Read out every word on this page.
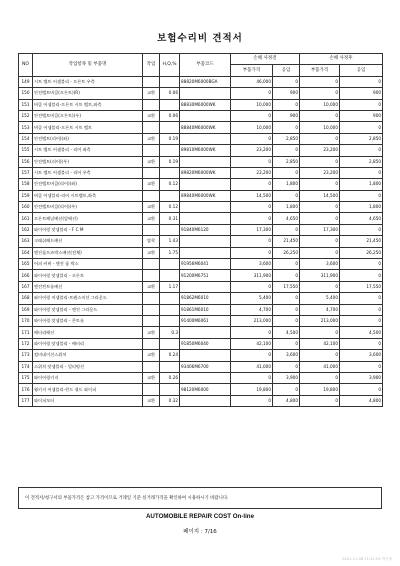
보험수리비 견적서
NO	작업항목 및 부품명	작업	H,Q,%	부품코드	손해 사정전		손해 사정후	
					부품가격	공임	부품가격	공임
149	시트 벨트 어셈블리 - 프론트 우측			88820M6000BGA	46,000	0	0	0
150	안전벨트버클(프론트)(R)	교환	0.06		0	900	0	900
151	버클 어셈블리-프론트 시트 벨트,좌측			88830M6000WK	10,000	0	10,000	0
152	안전벨트버클(프론트)(우)	교환	0.06		0	900	0	900
153	버클 어셈블리-프론트 시트 벨트			88840M6000WK	10,000	0	10,000	0
154	안전벨트(리어)(좌)	교환	0.19		0	2,850	0	2,850
155	시트 벨트 어셈블리 - 리어 좌측			89810M6000WK	23,200	0	23,200	0
156	안전벨트(리어)(우)	교환	0.19		0	2,850	0	2,850
157	시트 벨트 어셈블리 - 리어 우측			89820M6000WK	23,200	0	23,200	0
158	안전벨트버클(리어)(좌)	교환	0.12		0	1,800	0	1,800
159	버클 어셈블리-리어 시트벨트,좌측			89840M6000WK	14,500	0	14,500	0
160	안전벨트버클(리어)(우)	교환	0.12		0	1,800	0	1,800
161	프론트패널배선(앞배선)	교환	0.31		0	4,650	0	4,650
162	와이어링 앗셈블리 - F C M			91840M6120	17,300	0	17,300	0
163	크래쉬패드배선	탈착	1.43		0	21,450	0	21,450
164	엔진룸프즈박스배선(전체)	교환	1.75		0	26,250	0	26,250
165	어퍼 커버 - 엔진 룸 박스			91956M6041	3,600	0	3,600	0
166	와이어링 앗셈블리 - 프론트			91200M6751	311,900	0	311,900	0
167	엔진컨트롤배선	교환	1.17		0	17,550	0	17,550
168	와이어링 어셈블리-트랜스미션 그라운드			91862M6010	5,400	0	5,400	0
169	와이어링 앗셈블리 - 엔진 그라운드			91861M6010	4,700	0	4,700	0
170	와이어링 앗셈블리 - 콘트롤			91400M6061	213,000	0	213,000	0
171	배터리배선	교환	0.3		0	4,500	0	4,500
172	와이어링 앗셈블리 - 배터리			91850M6040	42,100	0	42,100	0
173	컴비네이션스위치	교환	0.24		0	3,600	0	3,600
174	스위치 앗셈블리 - 멀티펑션			93406M6700	41,000	0	41,000	0
175	와이어링키지	교환	0.26		0	3,900	0	3,900
176	윙키지 어셈블리-윈드 쉴드 와이퍼			98120M6000	19,800	0	19,800	0
177	와이퍼모터	교환	0.32		0	4,800	0	4,800
이 견적서/청구서의 부품가격은 참고 가격이므로 거래일 기준 실거래가격을 확인하여 시용하시기 바랍니다.
AUTOMOBILE REPAIR COST On-line
페이지 : 7/16
2021-11-08 11:51:53 박기대
